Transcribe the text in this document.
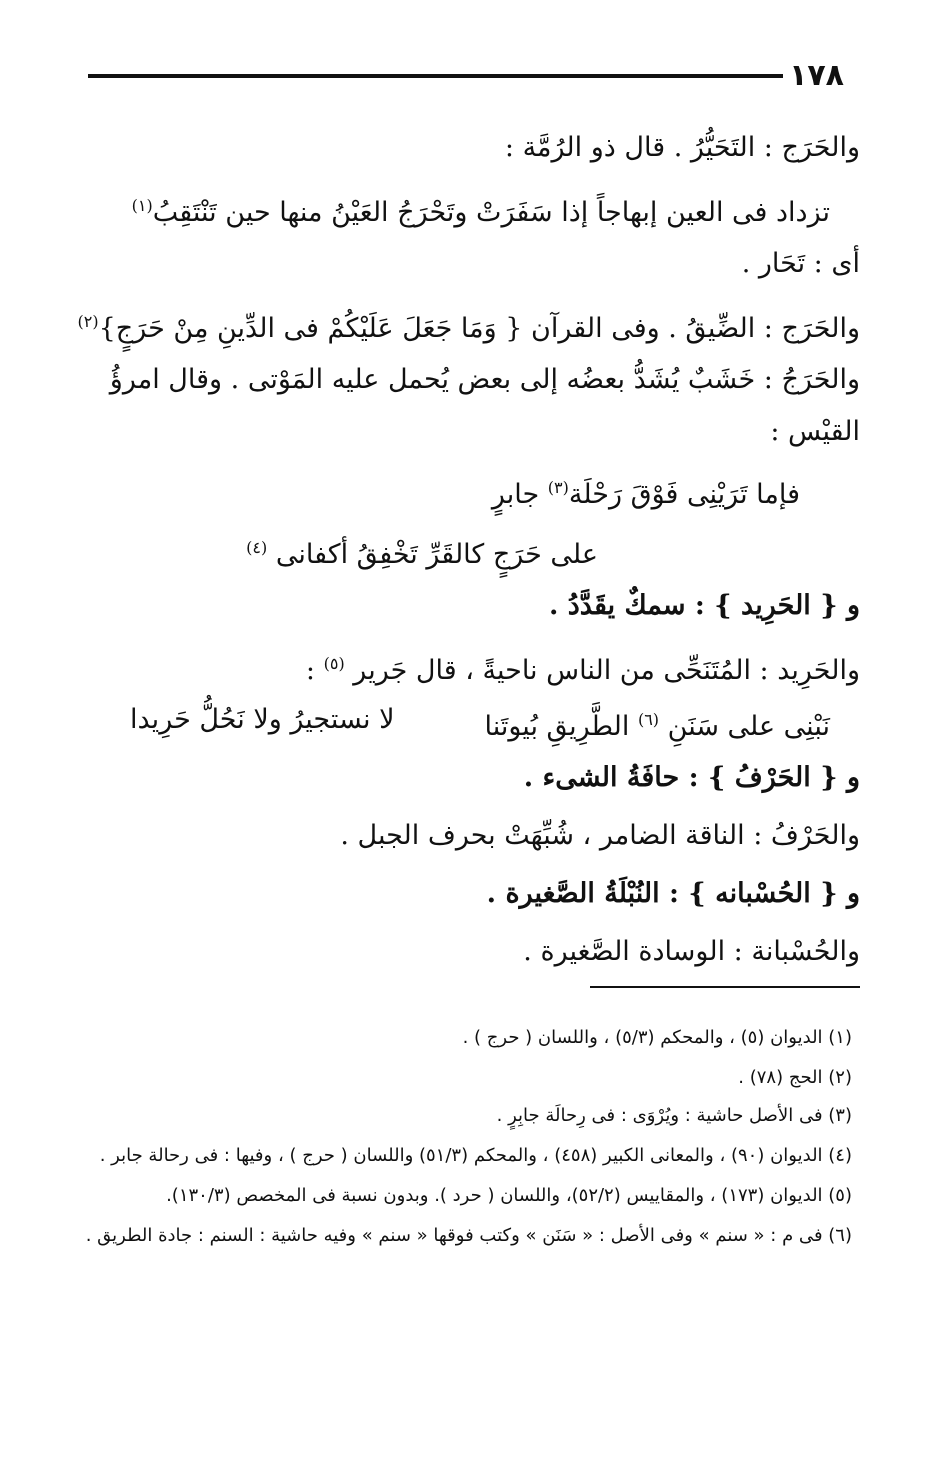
١٧٨
والحَرَج : التَحَيُّرُ . قال ذو الرُمَّة :
تزداد فى العين إبهاجاً إذا سَفَرَتْ وتَحْرَجُ العَيْنُ منها حين تَنْتَقِبُ$^{(١)}$
أى : تَحَار .
والحَرَج : الضِّيقُ . وفى القرآن { وَمَا جَعَلَ عَلَيْكُمْ فى الدِّينِ مِنْ حَرَجٍ}$^{(٢)}$
والحَرَجُ : خَشَبٌ يُشَدُّ بعضُه إلى بعض يُحمل عليه المَوْتى . وقال امرؤُ
القيْس :
فإما تَرَيْنِى فَوْقَ رَحْلَة$^{(٣)}$ جابرٍ
على حَرَجٍ كالقَرِّ تَخْفِقُ أكفانى $^{(٤)}$
و { الحَرِيد } : سمكٌ يقَدَّدُ .
والحَرِيد : المُتَنَحِّى من الناس ناحيةً ، قال جَرير $^{(٥)}$ :
نَبْنِى على سَنَنِ $^{(٦)}$ الطَّرِيقِ بُيوتَنا
لا نستجيرُ ولا نَحُلُّ حَرِيدا
و { الحَرْفُ } : حافَةُ الشىء .
والحَرْفُ : الناقة الضامر ، شُبِّهَتْ بحرف الجبل .
و { الحُسْبانه } : النُبْلَةُ الصَّغيرة .
والحُسْبانة : الوسادة الصَّغيرة .
(١) الديوان (٥) ، والمحكم (٥/٣) ، واللسان ( حرج ) .
(٢) الحج (٧٨) .
(٣) فى الأصل حاشية : ويُرْوَى : فى رِحالَة جابِرٍ .
(٤) الديوان (٩٠) ، والمعانى الكبير (٤٥٨) ، والمحكم (٥١/٣) واللسان ( حرج ) ، وفيها : فى رحالة جابر .
(٥) الديوان (١٧٣) ، والمقاييس (٥٢/٢)، واللسان ( حرد ). وبدون نسبة فى المخصص (١٣٠/٣).
(٦) فى م : « سنم » وفى الأصل : « سَنَن » وكتب فوقها « سنم » وفيه حاشية : السنم : جادة الطريق .
